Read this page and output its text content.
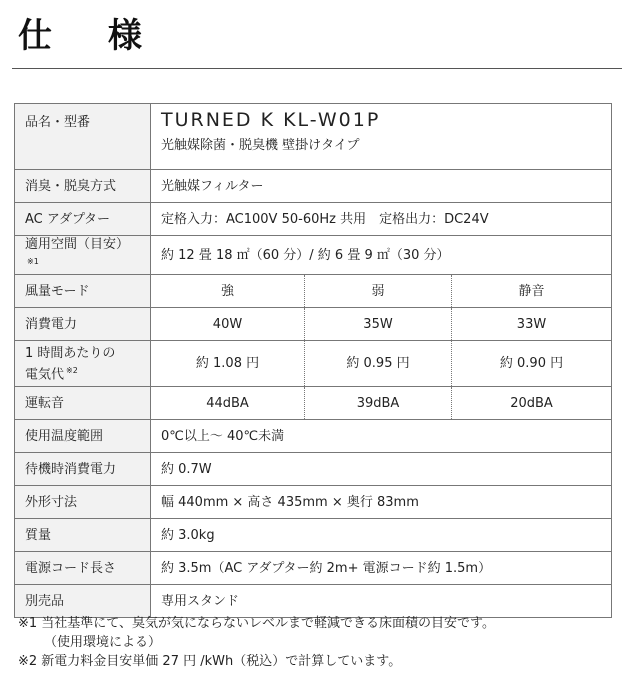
仕 様
品名・型番	TURNED K KL-W01P
光触媒除菌・脱臭機 壁掛けタイプ		

消臭・脱臭方式	光触媒フィルター		
AC アダプター	定格入力：AC100V 50-60Hz 共用　定格出力：DC24V		
適用空間（目安）$^{※1}$	約 12 畳 18 ㎡（60 分）/ 約 6 畳 9 ㎡（30 分）		
風量モード	強	弱	静音
消費電力	40W	35W	33W

1 時間あたりの
電気代 $^{※2}$	約 1.08 円	約 0.95 円	約 0.90 円
運転音	44dBA	39dBA	20dBA
使用温度範囲	0℃以上～ 40℃未満		
待機時消費電力	約 0.7W		
外形寸法	幅 440mm × 高さ 435mm × 奥行 83mm		
質量	約 3.0kg		
電源コード長さ	約 3.5m（AC アダプター約 2m+ 電源コード約 1.5m）		
別売品	専用スタンド		
※1 当社基準にて、臭気が気にならないレベルまで軽減できる床面積の目安です。
（使用環境による）
※2 新電力料金目安単価 27 円 /kWh（税込）で計算しています。
